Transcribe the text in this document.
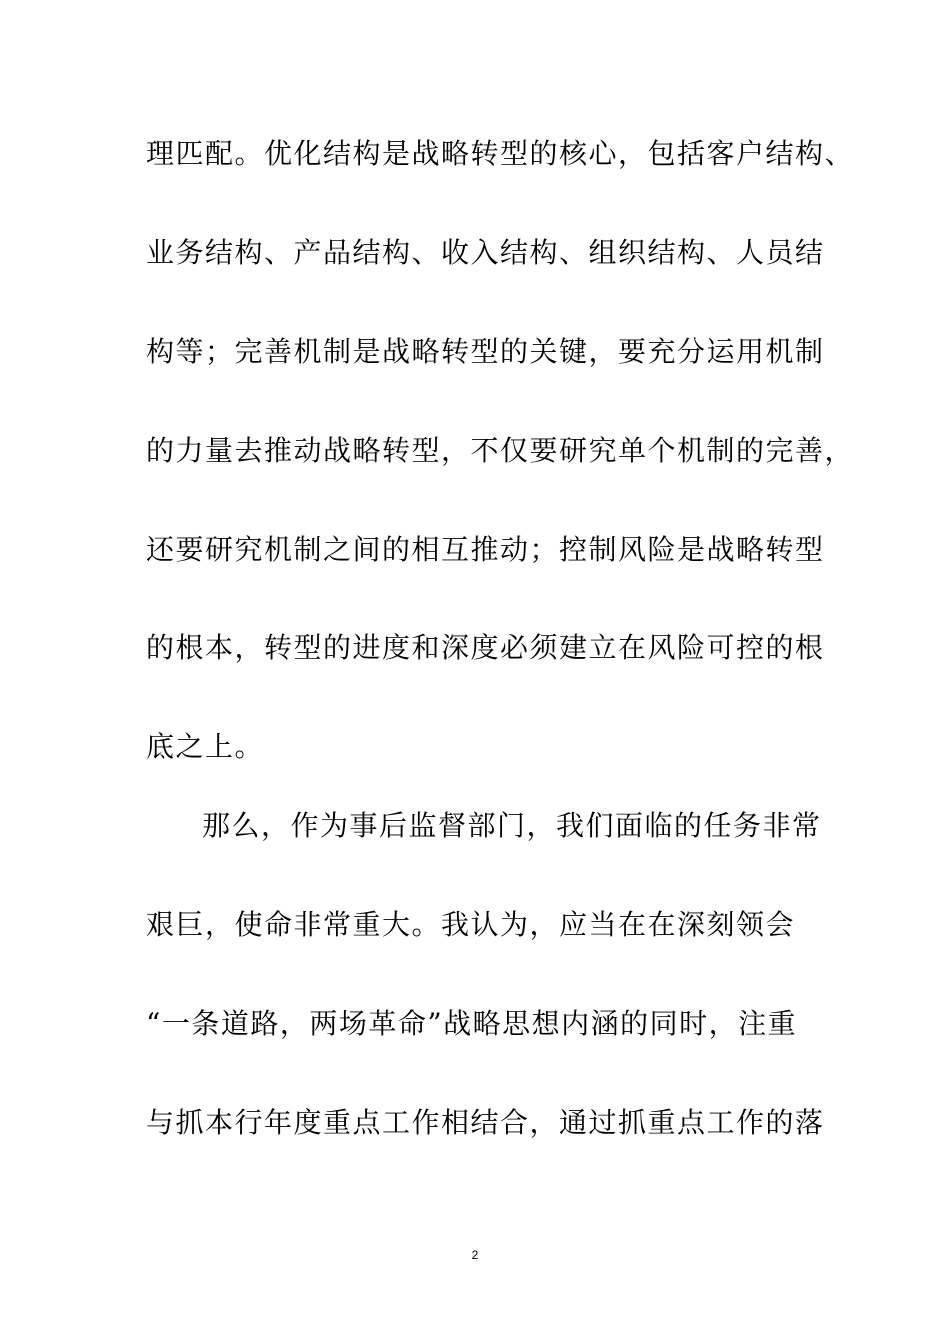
理匹配。优化结构是战略转型的核心，包括客户结构、
业务结构、产品结构、收入结构、组织结构、人员结
构等；完善机制是战略转型的关键，要充分运用机制
的力量去推动战略转型，不仅要研究单个机制的完善，
还要研究机制之间的相互推动；控制风险是战略转型
的根本，转型的进度和深度必须建立在风险可控的根
底之上。
那么，作为事后监督部门，我们面临的任务非常
艰巨，使命非常重大。我认为，应当在在深刻领会
“一条道路，两场革命”战略思想内涵的同时，注重
与抓本行年度重点工作相结合，通过抓重点工作的落
2
